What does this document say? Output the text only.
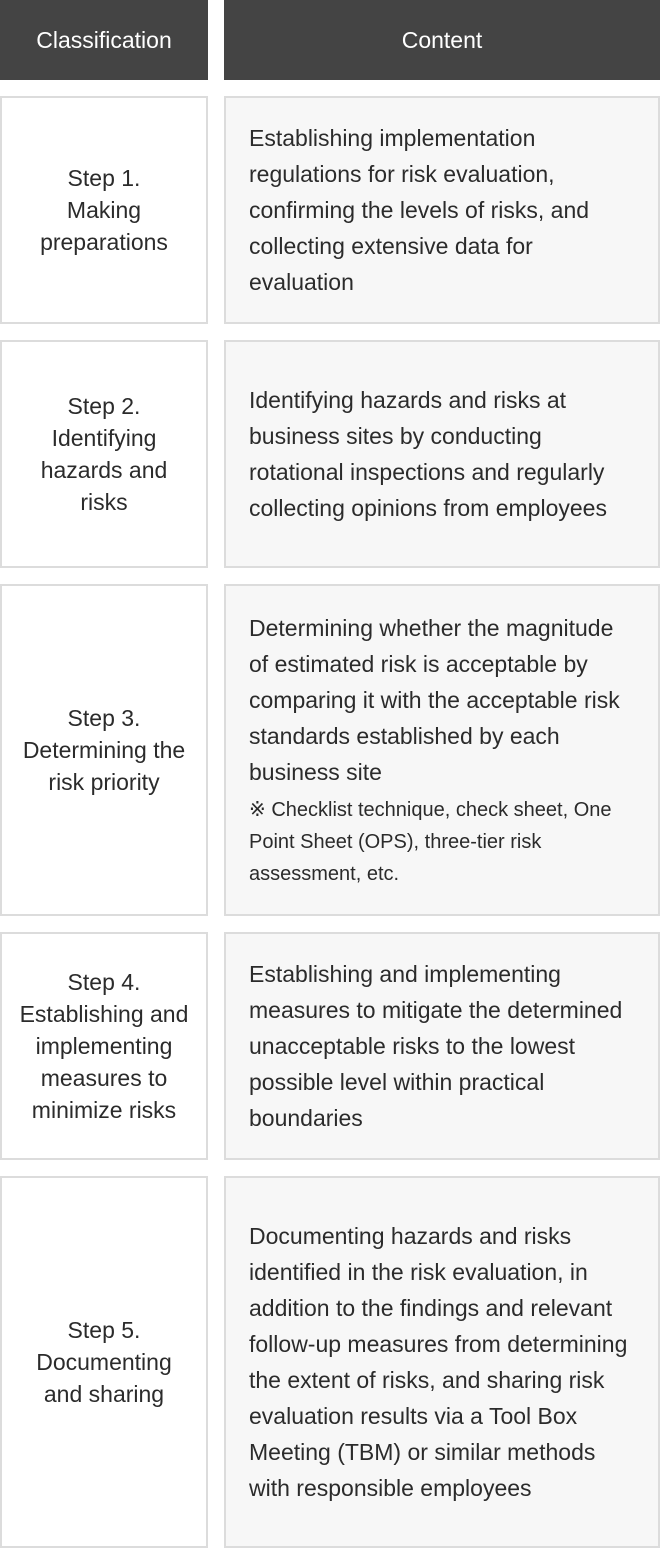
Classification	Content
Step 1.
Making preparations
Establishing implementation regulations for risk evaluation, confirming the levels of risks, and collecting extensive data for evaluation
Step 2.
Identifying hazards and risks
Identifying hazards and risks at business sites by conducting rotational inspections and regularly collecting opinions from employees
Step 3.
Determining the risk priority
Determining whether the magnitude of estimated risk is acceptable by comparing it with the acceptable risk standards established by each business site
※ Checklist technique, check sheet, One Point Sheet (OPS), three-tier risk assessment, etc.
Step 4.
Establishing and implementing measures to minimize risks
Establishing and implementing measures to mitigate the determined unacceptable risks to the lowest possible level within practical boundaries
Step 5.
Documenting and sharing
Documenting hazards and risks identified in the risk evaluation, in addition to the findings and relevant follow-up measures from determining the extent of risks, and sharing risk evaluation results via a Tool Box Meeting (TBM) or similar methods with responsible employees
